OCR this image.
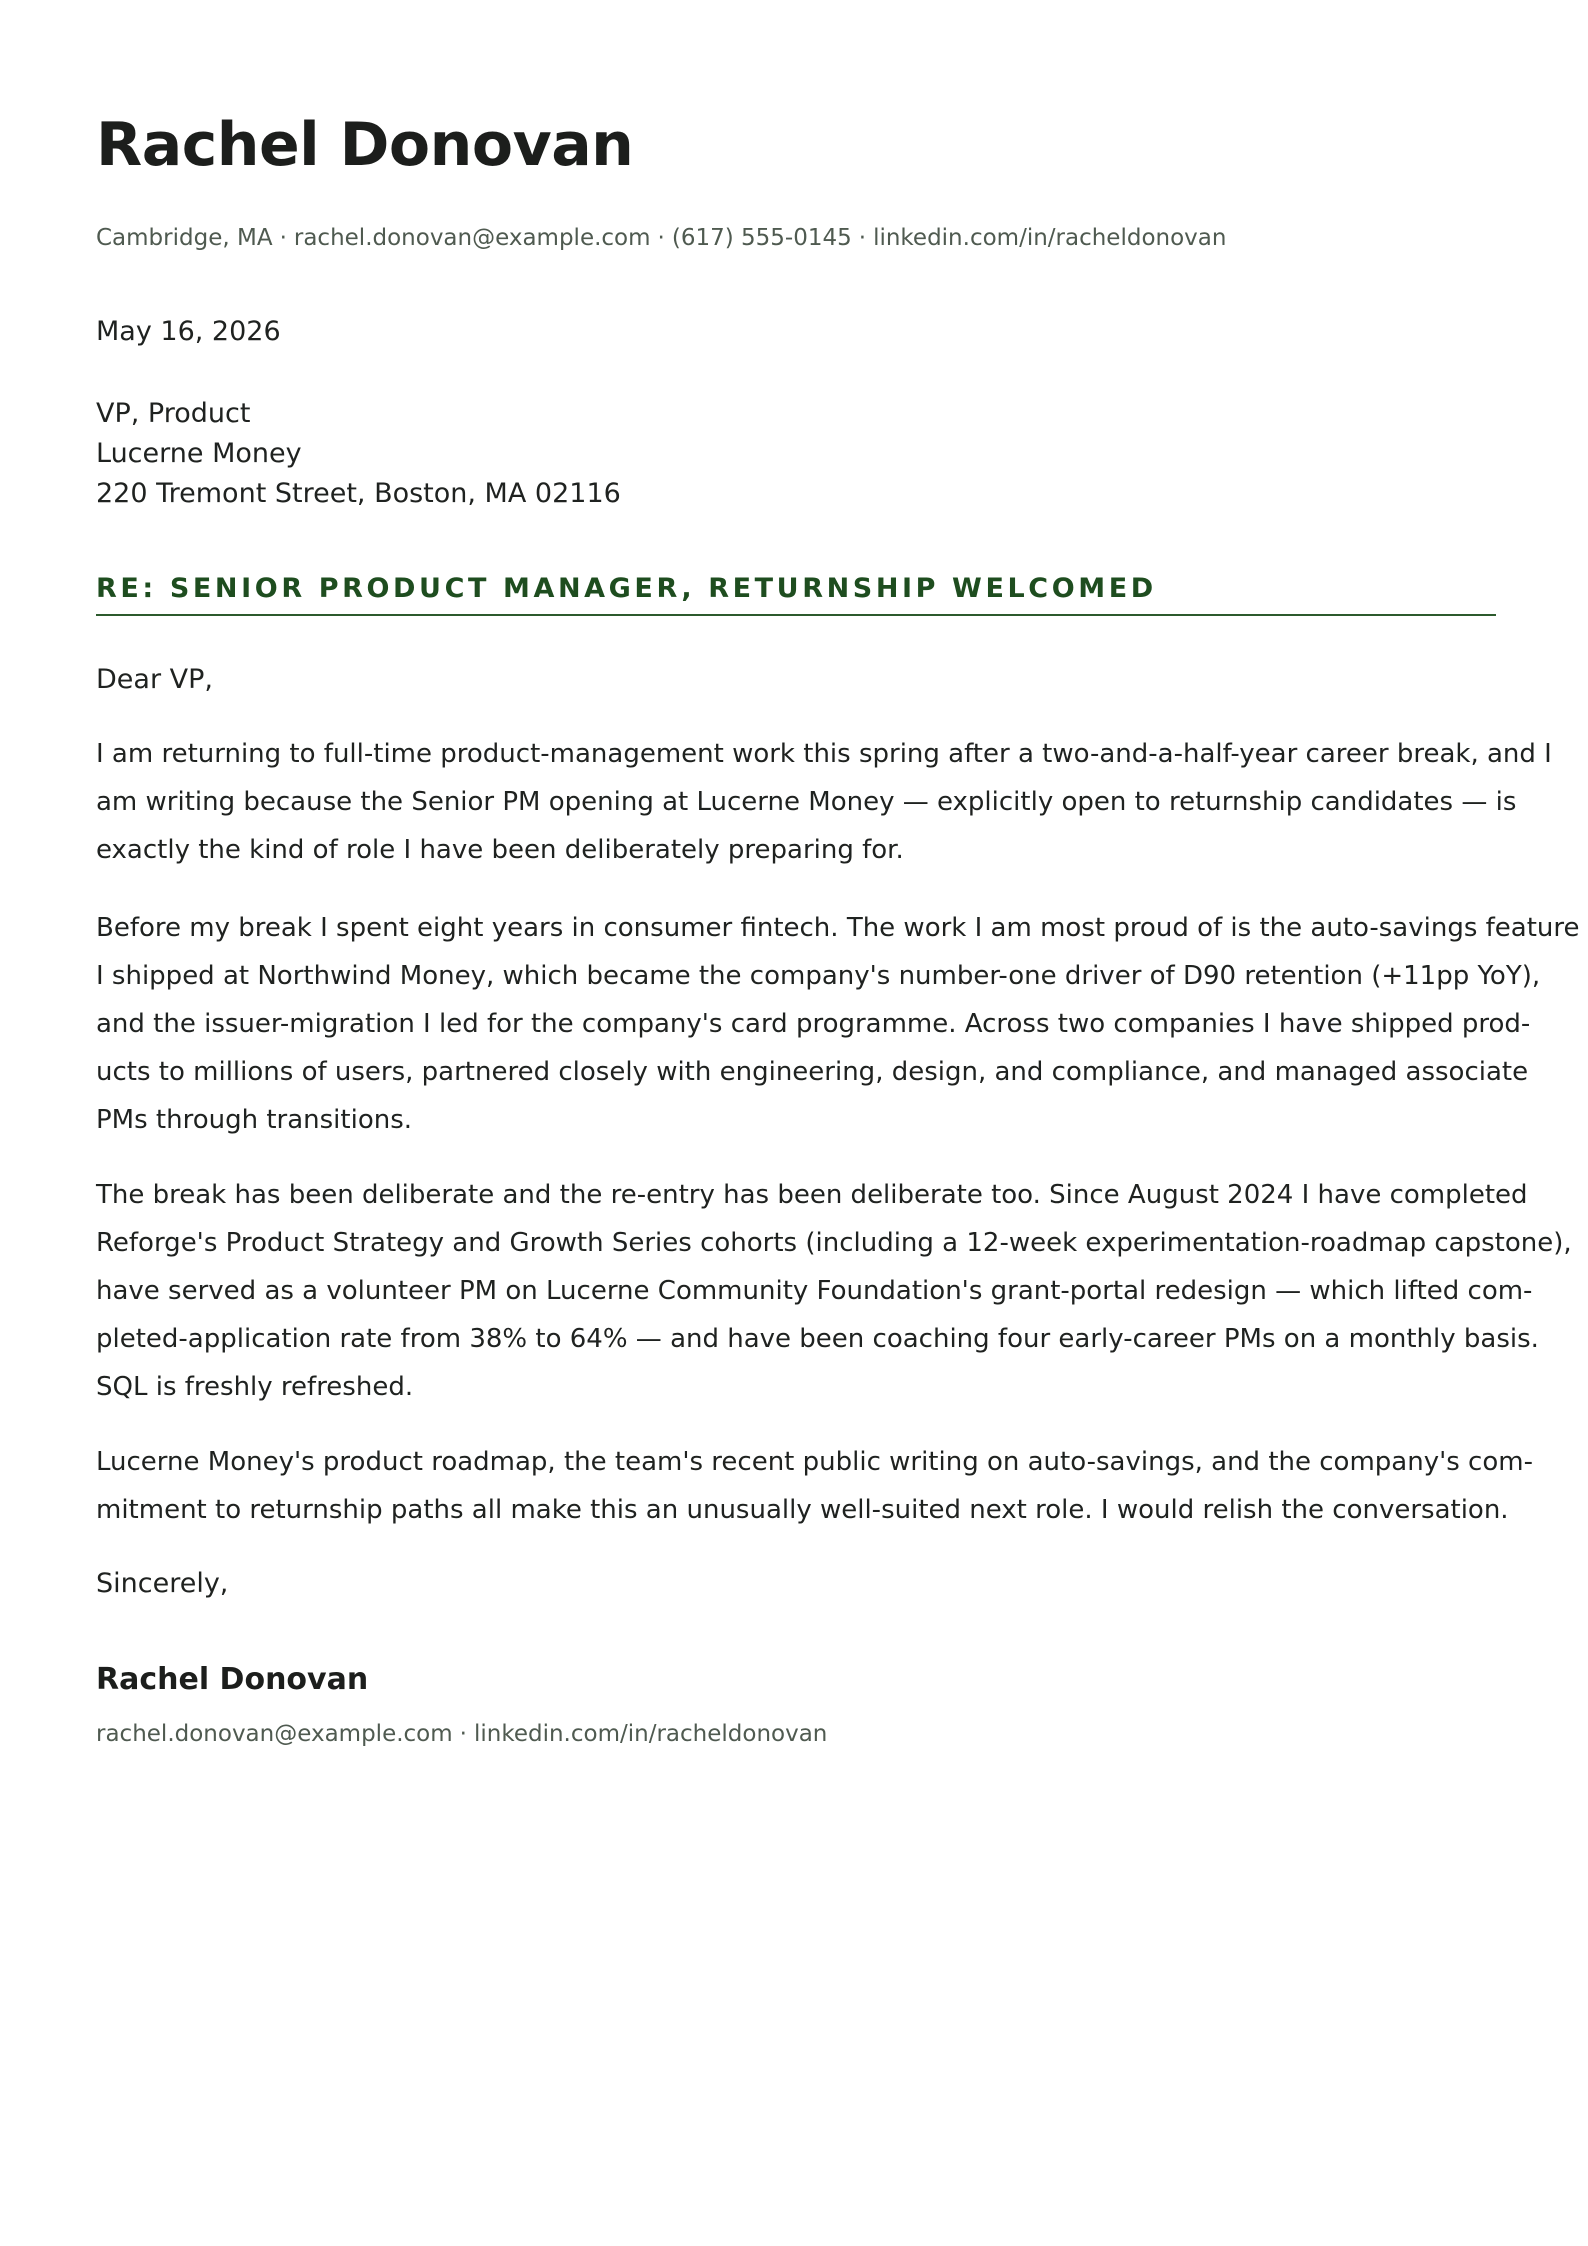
Rachel Donovan
Cambridge, MA · rachel.donovan@example.com · (617) 555-0145 · linkedin.com/in/racheldonovan
May 16, 2026
VP, Product
Lucerne Money
220 Tremont Street, Boston, MA 02116
RE: SENIOR PRODUCT MANAGER, RETURNSHIP WELCOMED
Dear VP,

I am returning to full-time product-management work this spring after a two-and-a-half-year career break, and I
am writing because the Senior PM opening at Lucerne Money — explicitly open to returnship candidates — is
exactly the kind of role I have been deliberately preparing for.

Before my break I spent eight years in consumer fintech. The work I am most proud of is the auto-savings feature
I shipped at Northwind Money, which became the company's number-one driver of D90 retention (+11pp YoY),
and the issuer-migration I led for the company's card programme. Across two companies I have shipped prod-
ucts to millions of users, partnered closely with engineering, design, and compliance, and managed associate
PMs through transitions.

The break has been deliberate and the re-entry has been deliberate too. Since August 2024 I have completed
Reforge's Product Strategy and Growth Series cohorts (including a 12-week experimentation-roadmap capstone),
have served as a volunteer PM on Lucerne Community Foundation's grant-portal redesign — which lifted com-
pleted-application rate from 38% to 64% — and have been coaching four early-career PMs on a monthly basis.
SQL is freshly refreshed.

Lucerne Money's product roadmap, the team's recent public writing on auto-savings, and the company's com-
mitment to returnship paths all make this an unusually well-suited next role. I would relish the conversation.

Sincerely,
Rachel Donovan
rachel.donovan@example.com · linkedin.com/in/racheldonovan
